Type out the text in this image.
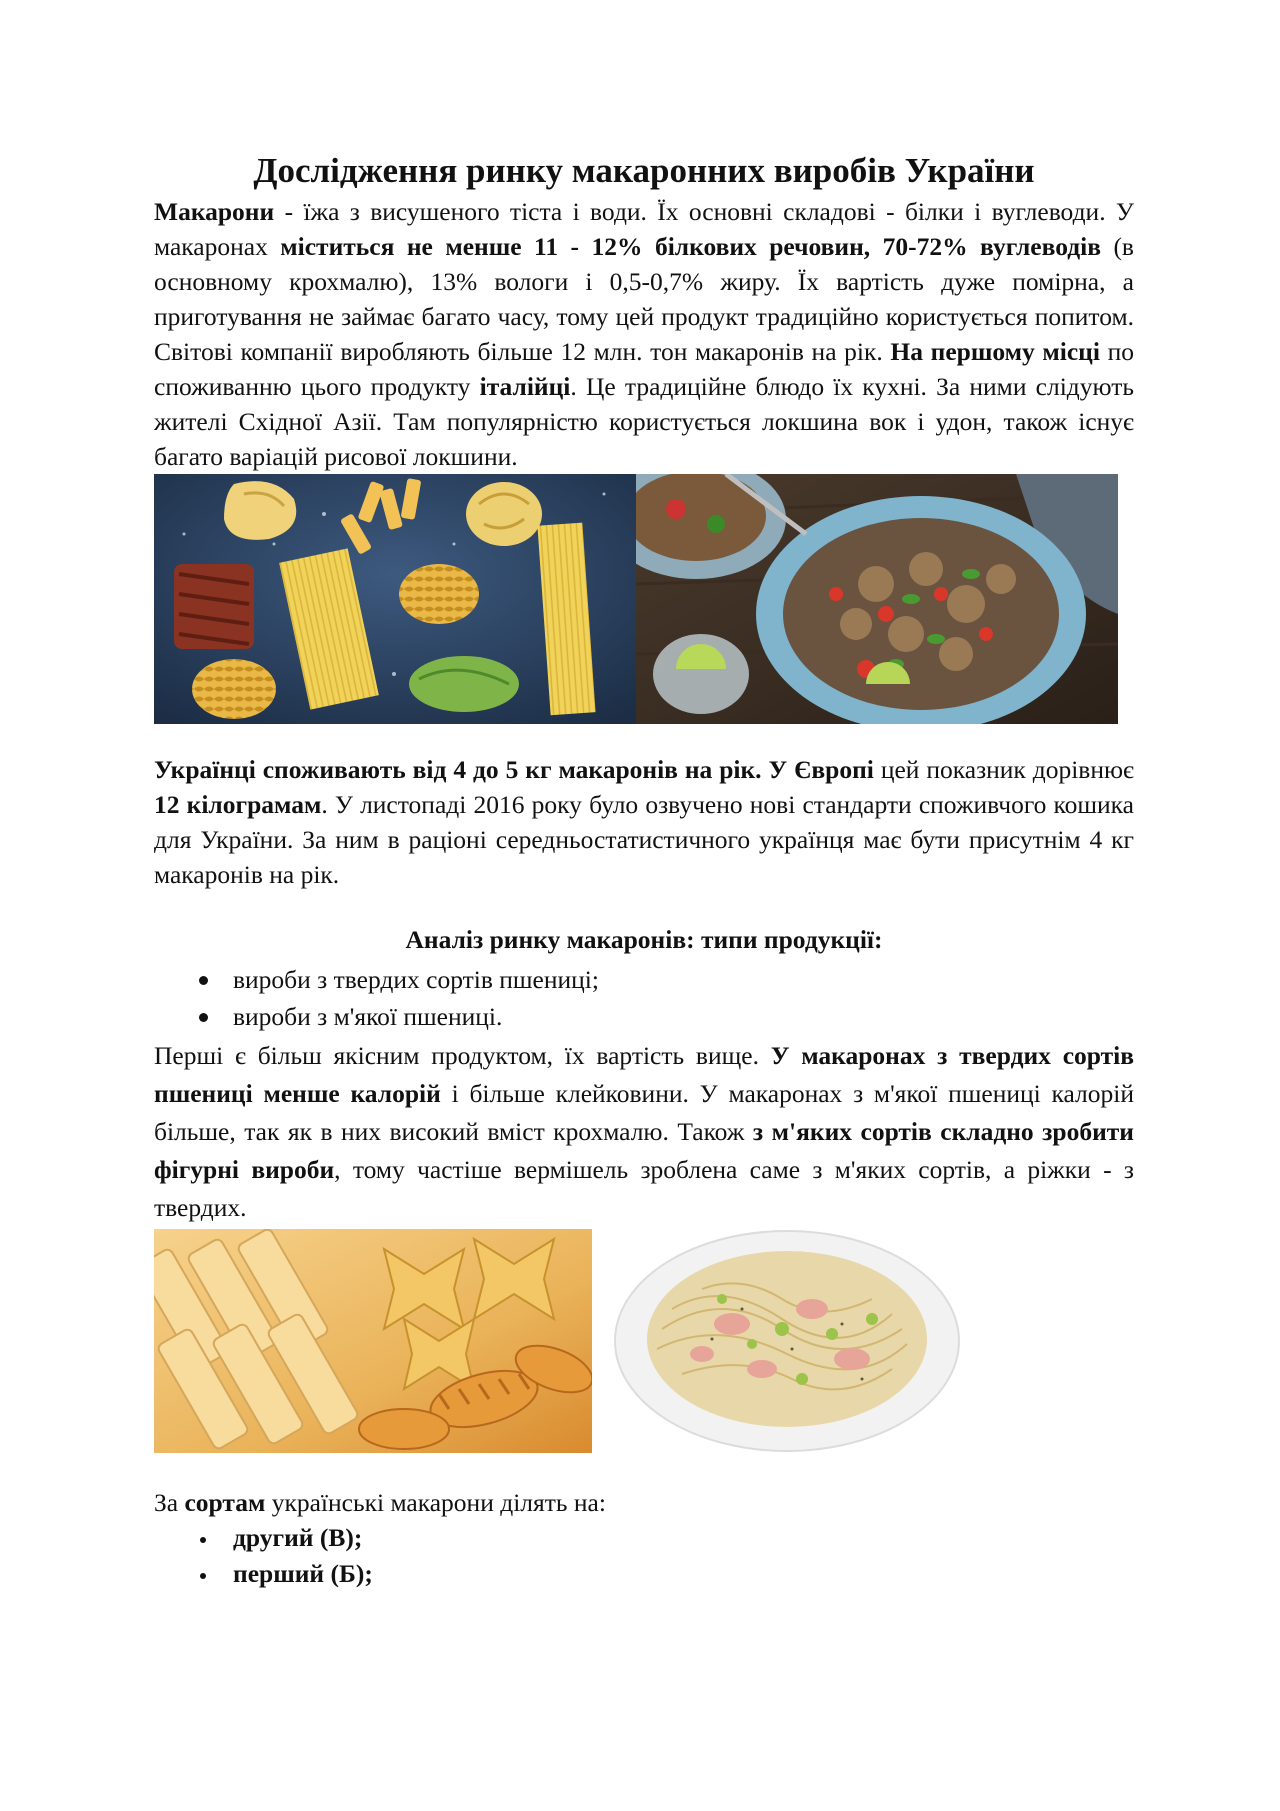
Дослідження ринку макаронних виробів України

Макарони - їжа з висушеного тіста і води. Їх основні складові - білки і вуглеводи. У макаронах міститься не менше 11 - 12% білкових речовин, 70-72% вуглеводів (в основному крохмалю), 13% вологи і 0,5-0,7% жиру. Їх вартість дуже помірна, а приготування не займає багато часу, тому цей продукт традиційно користується попитом. Світові компанії виробляють більше 12 млн. тон макаронів на рік. На першому місці по споживанню цього продукту італійці. Це традиційне блюдо їх кухні. За ними слідують жителі Східної Азії. Там популярністю користується локшина вок і удон, також існує багато варіацій рисової локшини.

Українці споживають від 4 до 5 кг макаронів на рік. У Європі цей показник дорівнює 12 кілограмам. У листопаді 2016 року було озвучено нові стандарти споживчого кошика для України. За ним в раціоні середньостатистичного українця має бути присутнім 4 кг макаронів на рік.

Аналіз ринку макаронів: типи продукції:
вироби з твердих сортів пшениці;
вироби з м'якої пшениці.

Перші є більш якісним продуктом, їх вартість вище. У макаронах з твердих сортів пшениці менше калорій і більше клейковини. У макаронах з м'якої пшениці калорій більше, так як в них високий вміст крохмалю. Також з м'яких сортів складно зробити фігурні вироби, тому частіше вермішель зроблена саме з м'яких сортів, а ріжки - з твердих.

За сортам українські макарони ділять на:

другий (В);
перший (Б);
